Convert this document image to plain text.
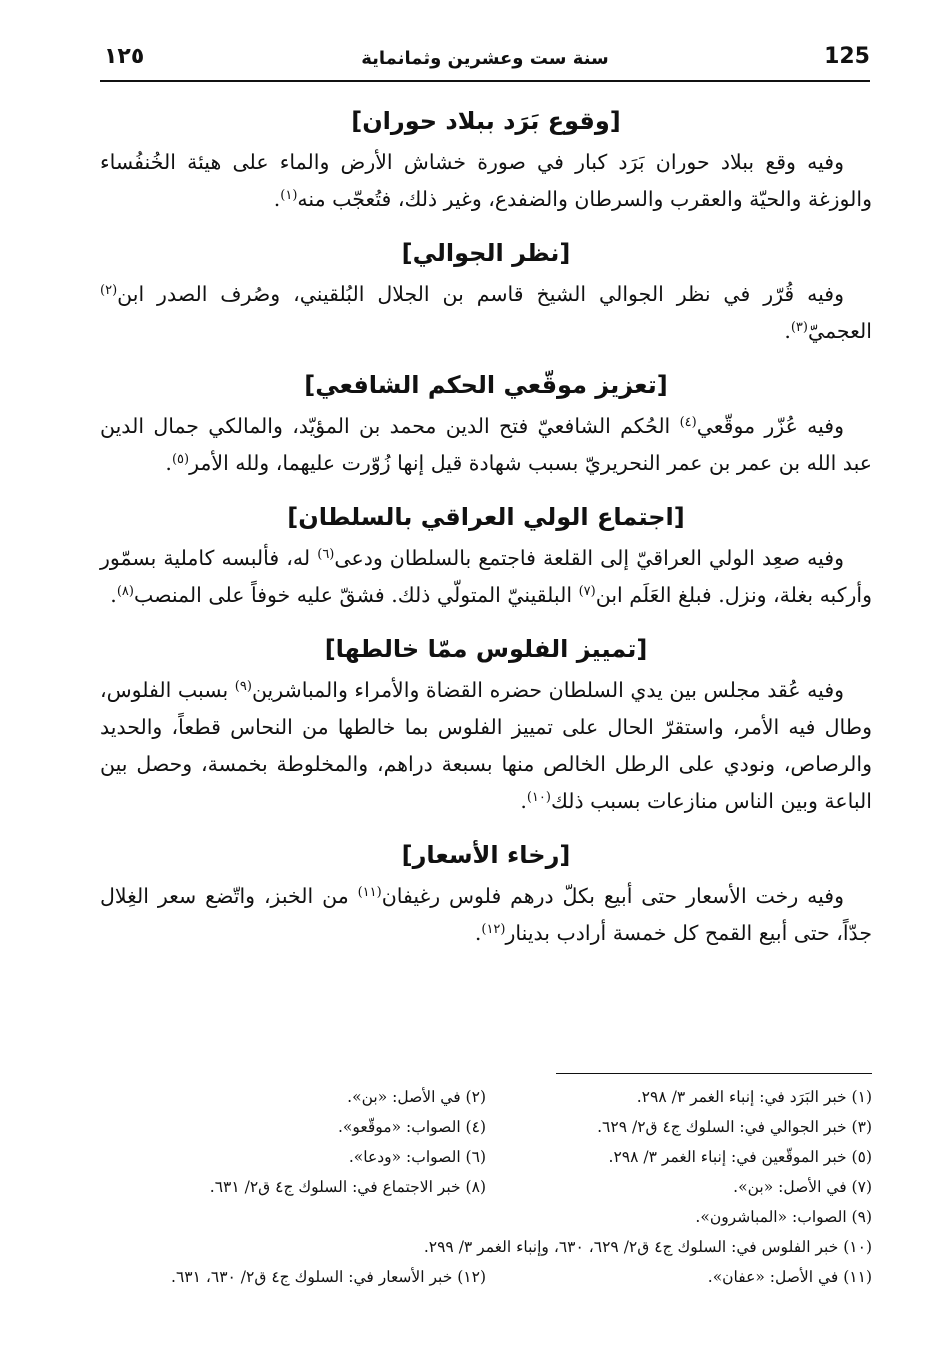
125
سنة ست وعشرين وثمانماية
١٢٥
[وقوع بَرَد ببلاد حوران]

وفيه وقع ببلاد حوران بَرَد كبار في صورة خشاش الأرض والماء على هيئة الخُنفُساء والوزغة والحيّة والعقرب والسرطان والضفدع، وغير ذلك، فتُعجّب منه$^{(١)}$.

[نظر الجوالي]

وفيه قُرّر في نظر الجوالي الشيخ قاسم بن الجلال البُلقيني، وصُرف الصدر ابن$^{(٢)}$ العجميّ$^{(٣)}$.

[تعزيز موقّعي الحكم الشافعي]

وفيه عُزّر موقّعي$^{(٤)}$ الحُكم الشافعيّ فتح الدين محمد بن المؤيّد، والمالكي جمال الدين عبد الله بن عمر بن عمر النحريريّ بسبب شهادة قيل إنها زُوّرت عليهما، ولله الأمر$^{(٥)}$.

[اجتماع الولي العراقي بالسلطان]

وفيه صعِد الولي العراقيّ إلى القلعة فاجتمع بالسلطان ودعى$^{(٦)}$ له، فألبسه كاملية بسمّور وأركبه بغلة، ونزل. فبلغ العَلَم ابن$^{(٧)}$ البلقينيّ المتولّي ذلك. فشقّ عليه خوفاً على المنصب$^{(٨)}$.

[تمييز الفلوس ممّا خالطها]

وفيه عُقد مجلس بين يدي السلطان حضره القضاة والأمراء والمباشرين$^{(٩)}$ بسبب الفلوس، وطال فيه الأمر، واستقرّ الحال على تمييز الفلوس بما خالطها من النحاس قطعاً، والحديد والرصاص، ونودي على الرطل الخالص منها بسبعة دراهم، والمخلوطة بخمسة، وحصل بين الباعة وبين الناس منازعات بسبب ذلك$^{(١٠)}$.

[رخاء الأسعار]

وفيه رخت الأسعار حتى أبيع بكلّ درهم فلوس رغيفان$^{(١١)}$ من الخبز، واتّضع سعر الغِلال جدّاً، حتى أبيع القمح كل خمسة أرادب بدينار$^{(١٢)}$.

(١) خبر البَرَد في: إنباء الغمر ٣/ ٢٩٨.
(٢) في الأصل: «بن».
(٣) خبر الجوالي في: السلوك ج٤ ق٢/ ٦٢٩.
(٤) الصواب: «موقّعو».
(٥) خبر الموقّعين في: إنباء الغمر ٣/ ٢٩٨.
(٦) الصواب: «ودعا».
(٧) في الأصل: «بن».
(٨) خبر الاجتماع في: السلوك ج٤ ق٢/ ٦٣١.
(٩) الصواب: «المباشرون».
(١٠) خبر الفلوس في: السلوك ج٤ ق٢/ ٦٢٩، ٦٣٠، وإنباء الغمر ٣/ ٢٩٩.
(١١) في الأصل: «عفان».
(١٢) خبر الأسعار في: السلوك ج٤ ق٢/ ٦٣٠، ٦٣١.
